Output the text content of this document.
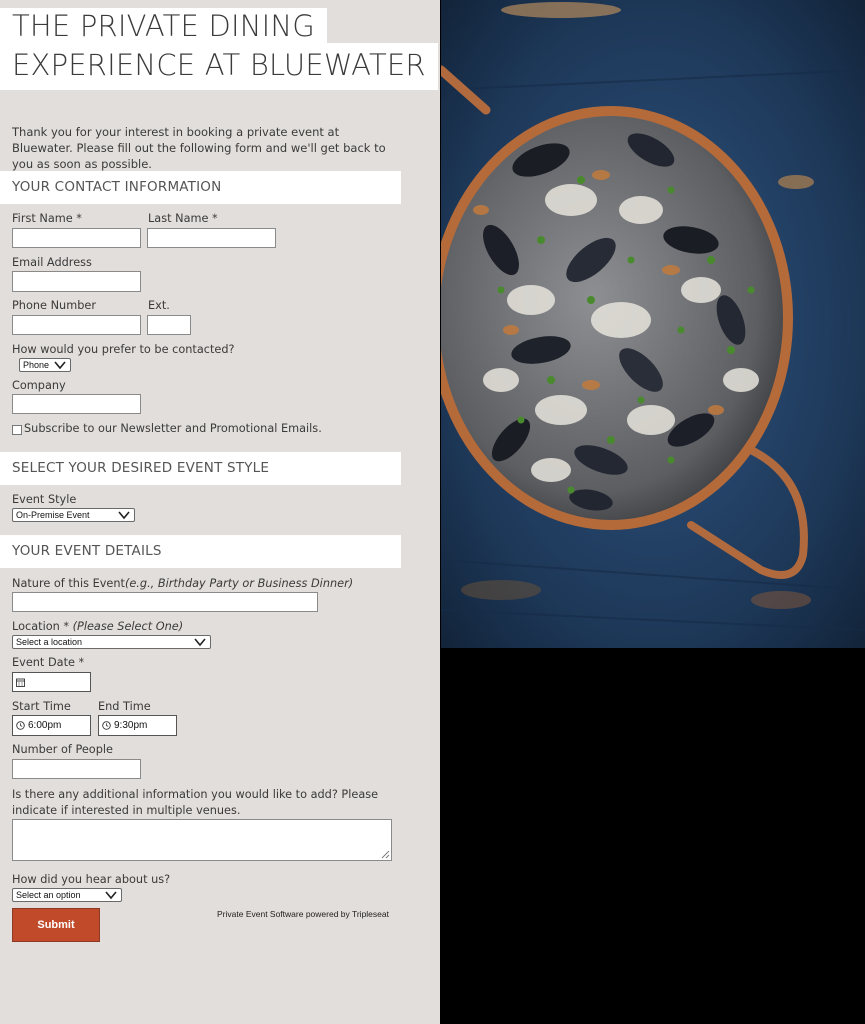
THE PRIVATE DINING
EXPERIENCE AT BLUEWATER
Thank you for your interest in booking a private event at Bluewater. Please fill out the following form and we'll get back to you as soon as possible.
YOUR CONTACT INFORMATION
First Name *	Last Name *
Email Address
Phone Number	Ext.
How would you prefer to be contacted?
Phone
Company
Subscribe to our Newsletter and Promotional Emails.
SELECT YOUR DESIRED EVENT STYLE
Event Style
On-Premise Event
YOUR EVENT DETAILS
Nature of this Event(e.g., Birthday Party or Business Dinner)
Location * (Please Select One)
Select a location
Event Date *
Start Time End Time
6:00pm	9:30pm
Number of People
Is there any additional information you would like to add? Please indicate if interested in multiple venues.
How did you hear about us?
Select an option
Submit
Private Event Software powered by Tripleseat
